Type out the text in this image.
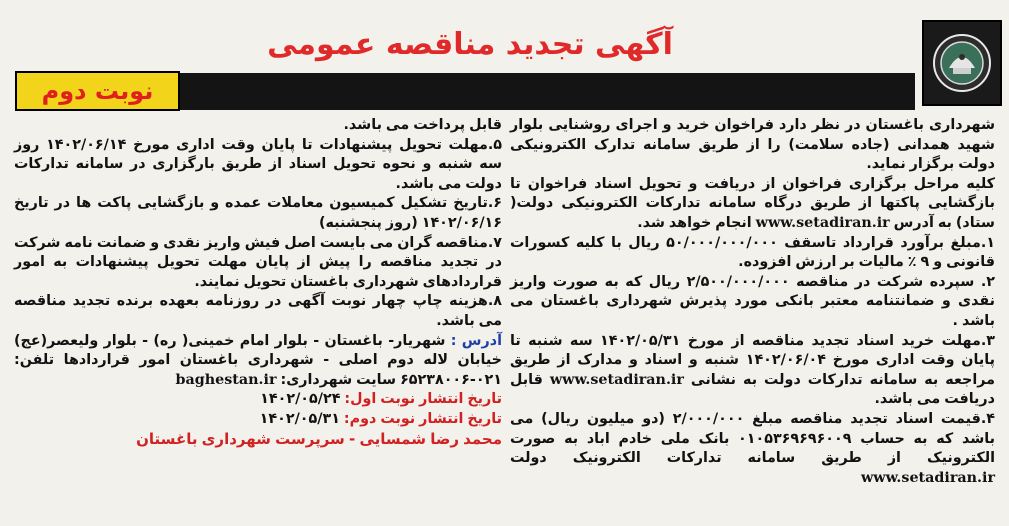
آگهی تجدید مناقصه عمومی
نوبت دوم

شهرداری باغستان در نظر دارد فراخوان خرید و اجرای روشنایی بلوار شهید همدانی (جاده سلامت) را از طریق سامانه تدارک الکترونیکی دولت برگزار نماید.

کلیه مراحل برگزاری فراخوان از دریافت و تحویل اسناد فراخوان تا بازگشایی پاکتها از طریق درگاه سامانه تدارکات الکترونیکی دولت( ستاد) به آدرس www.setadiran.ir انجام خواهد شد.

۱.مبلغ برآورد قرارداد تاسقف ۵۰/۰۰۰/۰۰۰/۰۰۰ ریال با کلیه کسورات قانونی و ۹ ٪ مالیات بر ارزش افزوده.

۲. سپرده شرکت در مناقصه ۲/۵۰۰/۰۰۰/۰۰۰ ریال که به صورت واریز نقدی و ضمانتنامه معتبر بانکی مورد پذیرش شهرداری باغستان می باشد .

۳.مهلت خرید اسناد تجدید مناقصه از مورخ ۱۴۰۲/۰۵/۳۱ سه شنبه تا پایان وقت اداری مورخ ۱۴۰۲/۰۶/۰۴ شنبه و اسناد و مدارک از طریق مراجعه به سامانه تدارکات دولت به نشانی www.setadiran.ir قابل دریافت می باشد.

۴.قیمت اسناد تجدید مناقصه مبلغ ۲/۰۰۰/۰۰۰ (دو میلیون ریال) می باشد که به حساب ۰۱۰۵۳۶۹۶۹۶۰۰۹ بانک ملی خادم اباد به صورت الکترونیک از طریق سامانه تدارکات الکترونیک دولت www.setadiran.ir

قابل پرداخت می باشد.

۵.مهلت تحویل پیشنهادات تا پایان وقت اداری مورخ ۱۴۰۲/۰۶/۱۴ روز سه شنبه و نحوه تحویل اسناد از طریق بارگزاری در سامانه تدارکات دولت می باشد.

۶.تاریخ تشکیل کمیسیون معاملات عمده و بازگشایی پاکت ها در تاریخ ۱۴۰۲/۰۶/۱۶ (روز پنجشنبه)

۷.مناقصه گران می بایست اصل فیش واریز نقدی و ضمانت نامه شرکت در تجدید مناقصه را پیش از پایان مهلت تحویل پیشنهادات به امور قراردادهای شهرداری باغستان تحویل نمایند.

۸.هزینه چاپ چهار نوبت آگهی در روزنامه بعهده برنده تجدید مناقصه می باشد.

آدرس : شهریار- باغستان - بلوار امام خمینی( ره) - بلوار ولیعصر(عج) خیابان لاله دوم اصلی - شهرداری باغستان امور قراردادها تلفن: ۰۲۱-۶۵۲۳۸۰۰۶ سایت شهرداری: baghestan.ir

تاریخ انتشار نوبت اول: ۱۴۰۲/۰۵/۲۴

تاریخ انتشار نوبت دوم: ۱۴۰۲/۰۵/۳۱

محمد رضا شمسایی - سرپرست شهرداری باغستان
